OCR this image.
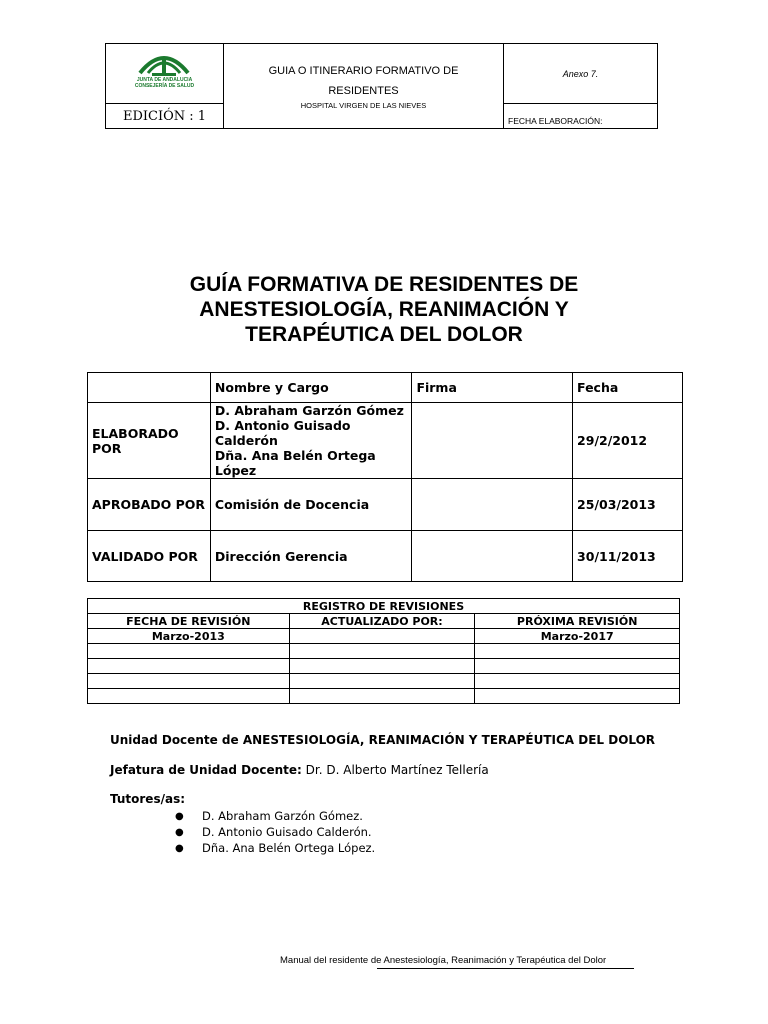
JUNTA DE ANDALUCIA
CONSEJERÍA DE SALUD
EDICIÓN : 1
GUIA O ITINERARIO FORMATIVO DE
RESIDENTES
HOSPITAL VIRGEN DE LAS NIEVES
Anexo 7.
FECHA ELABORACIÓN:
GUÍA FORMATIVA DE RESIDENTES DE
ANESTESIOLOGÍA, REANIMACIÓN Y
TERAPÉUTICA DEL DOLOR
	Nombre y Cargo	Firma	Fecha
ELABORADO POR	D. Abraham Garzón Gómez
D. Antonio Guisado Calderón
Dña. Ana Belén Ortega López		29/2/2012
APROBADO POR	Comisión de Docencia		25/03/2013
VALIDADO POR	Dirección Gerencia		30/11/2013
REGISTRO DE REVISIONES		
FECHA DE REVISIÓN	ACTUALIZADO POR:	PRÓXIMA REVISIÓN
Marzo-2013		Marzo-2017

Unidad Docente de ANESTESIOLOGÍA, REANIMACIÓN Y TERAPÉUTICA DEL DOLOR
Jefatura de Unidad Docente: Dr. D. Alberto Martínez Tellería
Tutores/as:
●	D. Abraham Garzón Gómez.
●	D. Antonio Guisado Calderón.
●	Dña. Ana Belén Ortega López.
Manual del residente de Anestesiología, Reanimación y Terapéutica del Dolor
